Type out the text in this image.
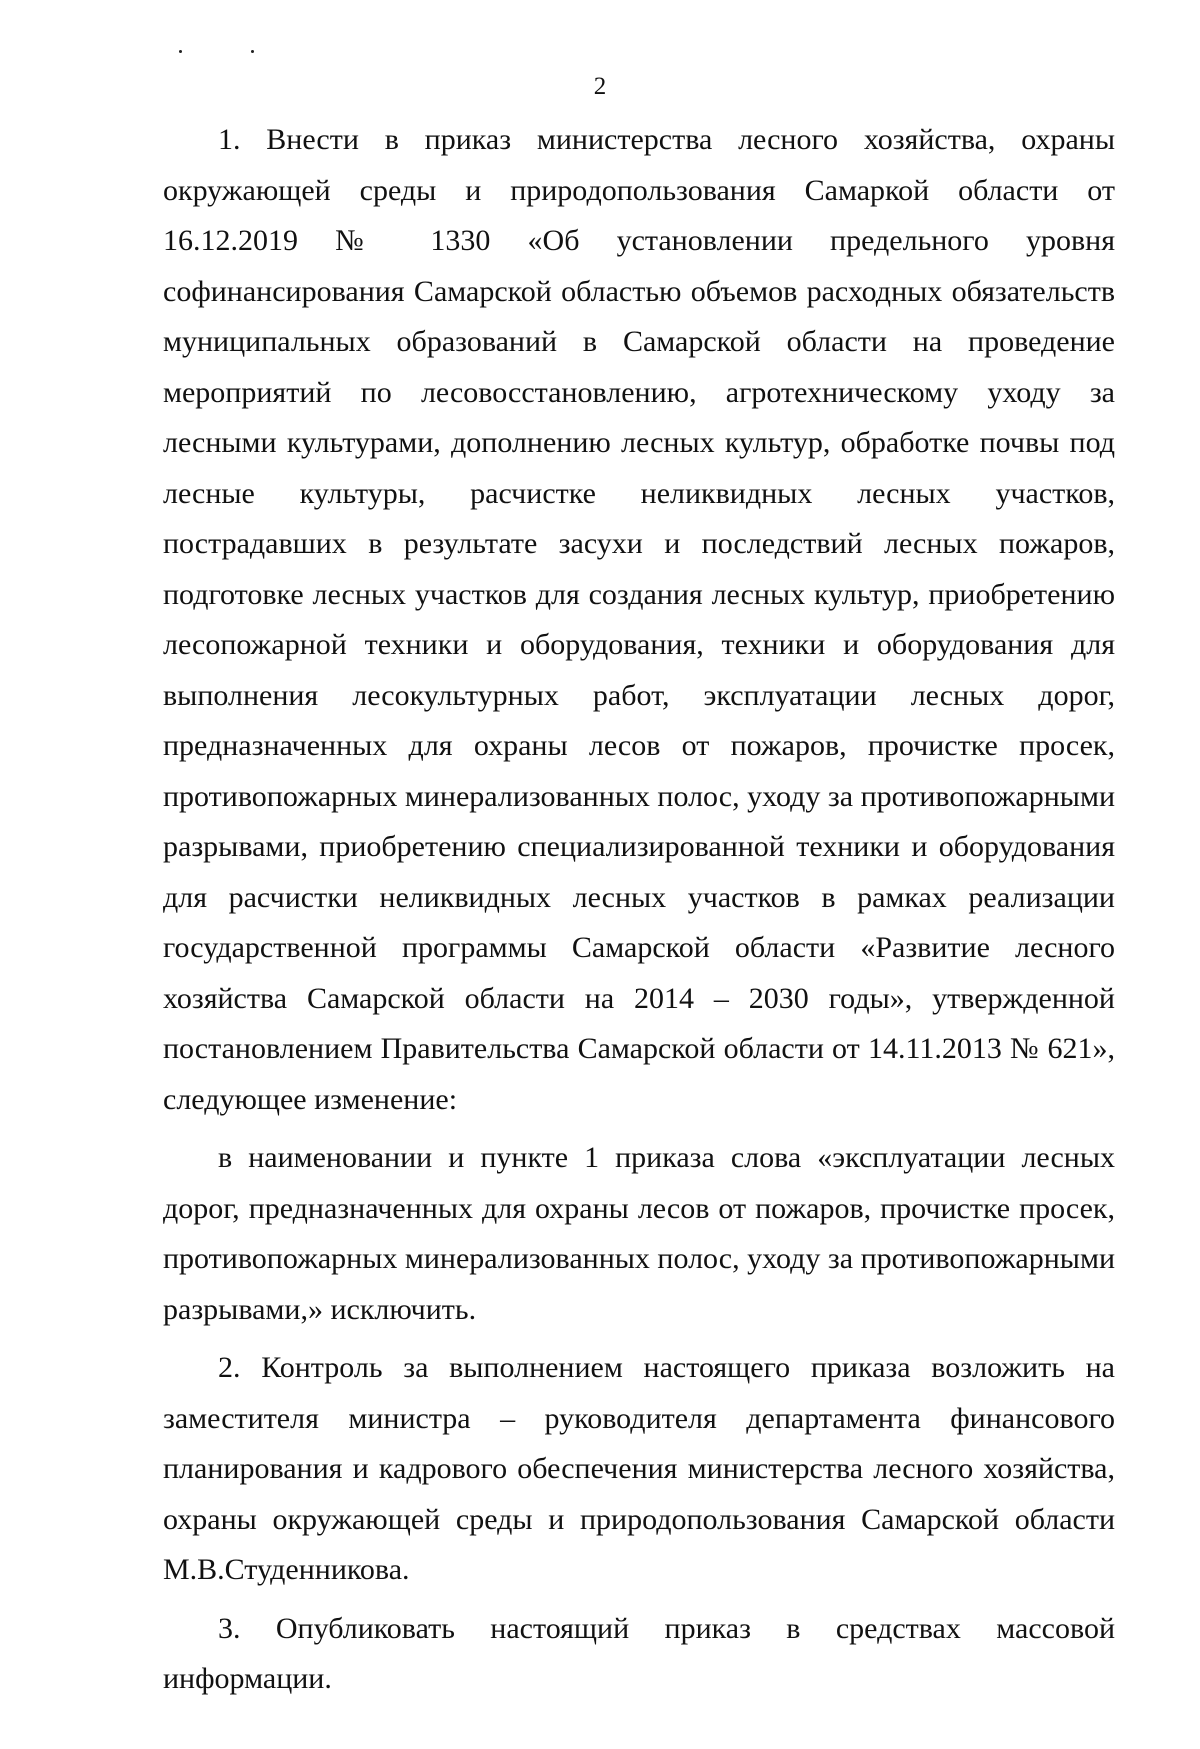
2

1. Внести в приказ министерства лесного хозяйства, охраны окружающей среды и природопользования Самаркой области от 16.12.2019 № 1330 «Об установлении предельного уровня софинансирования Самарской областью объемов расходных обязательств муниципальных образований в Самарской области на проведение мероприятий по лесовосстановлению, агротехническому уходу за лесными культурами, дополнению лесных культур, обработке почвы под лесные культуры, расчистке неликвидных лесных участков, пострадавших в результате засухи и последствий лесных пожаров, подготовке лесных участков для создания лесных культур, приобретению лесопожарной техники и оборудования, техники и оборудования для выполнения лесокультурных работ, эксплуатации лесных дорог, предназначенных для охраны лесов от пожаров, прочистке просек, противопожарных минерализованных полос, уходу за противопожарными разрывами, приобретению специализированной техники и оборудования для расчистки неликвидных лесных участков в рамках реализации государственной программы Самарской области «Развитие лесного хозяйства Самарской области на 2014 – 2030 годы», утвержденной постановлением Правительства Самарской области от 14.11.2013 № 621», следующее изменение:

в наименовании и пункте 1 приказа слова «эксплуатации лесных дорог, предназначенных для охраны лесов от пожаров, прочистке просек, противопожарных минерализованных полос, уходу за противопожарными разрывами,» исключить.

2. Контроль за выполнением настоящего приказа возложить на заместителя министра – руководителя департамента финансового планирования и кадрового обеспечения министерства лесного хозяйства, охраны окружающей среды и природопользования Самарской области М.В.Студенникова.

3. Опубликовать настоящий приказ в средствах массовой информации.
